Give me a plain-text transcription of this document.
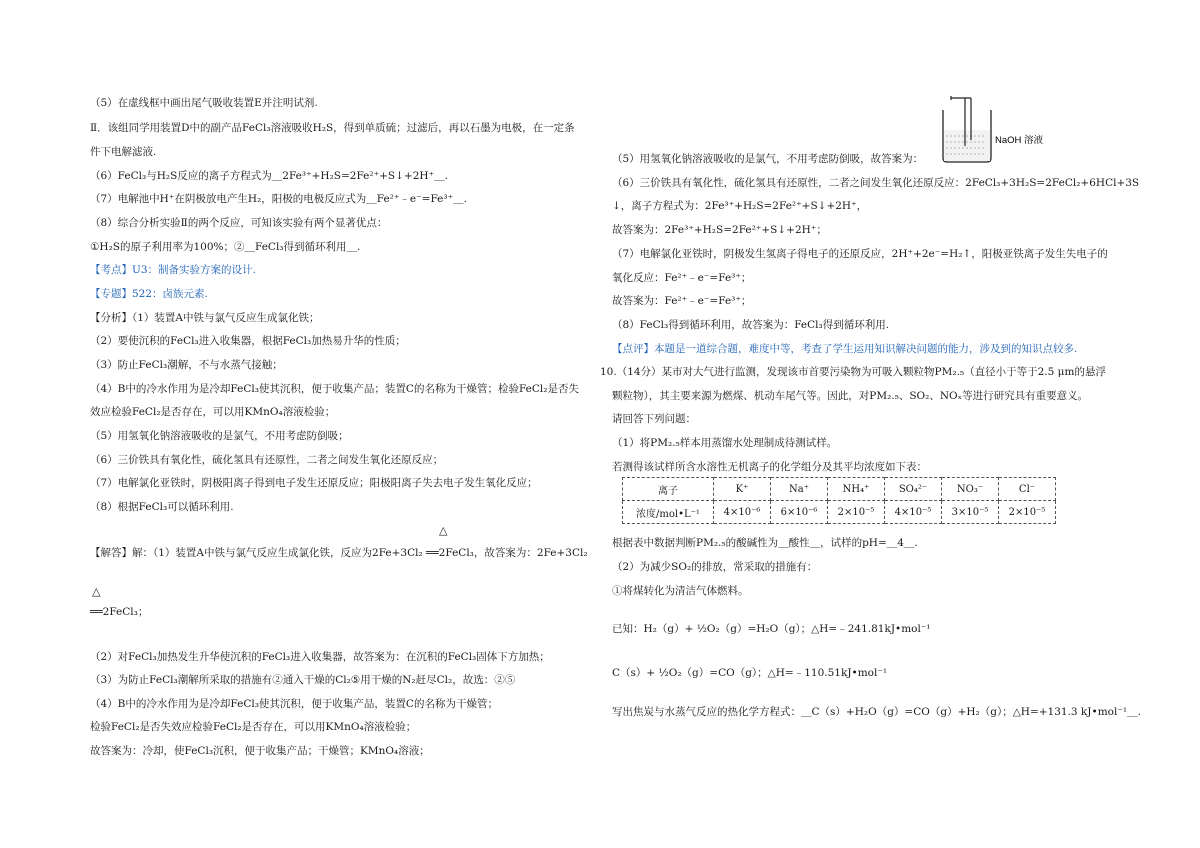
（5）在虚线框中画出尾气吸收装置E并注明试剂.
Ⅱ．该组同学用装置D中的副产品FeCl₃溶液吸收H₂S，得到单质硫；过滤后，再以石墨为电极，在一定条
件下电解滤液.
（6）FeCl₃与H₂S反应的离子方程式为＿2Fe³⁺+H₂S=2Fe²⁺+S↓+2H⁺＿.
（7）电解池中H⁺在阴极放电产生H₂，阳极的电极反应式为＿Fe²⁺﹣e⁻=Fe³⁺＿.
（8）综合分析实验Ⅱ的两个反应，可知该实验有两个显著优点：
①H₂S的原子利用率为100%；②＿FeCl₃得到循环利用＿.
【考点】U3：制备实验方案的设计.
【专题】522：卤族元素.
【分析】（1）装置A中铁与氯气反应生成氯化铁；
（2）要使沉积的FeCl₃进入收集器，根据FeCl₃加热易升华的性质；
（3）防止FeCl₃潮解，不与水蒸气接触；
（4）B中的冷水作用为是冷却FeCl₃使其沉积，便于收集产品；装置C的名称为干燥管；检验FeCl₂是否失
效应检验FeCl₂是否存在，可以用KMnO₄溶液检验；
（5）用氢氧化钠溶液吸收的是氯气，不用考虑防倒吸；
（6）三价铁具有氧化性，硫化氢具有还原性，二者之间发生氧化还原反应；
（7）电解氯化亚铁时，阴极阳离子得到电子发生还原反应；阳极阳离子失去电子发生氧化反应；
（8）根据FeCl₃可以循环利用.
△
【解答】解：（1）装置A中铁与氯气反应生成氯化铁，反应为2Fe+3Cl₂ ══2FeCl₃，故答案为：2Fe+3Cl₂
△
══2FeCl₃；
（2）对FeCl₃加热发生升华使沉积的FeCl₃进入收集器，故答案为：在沉积的FeCl₃固体下方加热；
（3）为防止FeCl₃潮解所采取的措施有②通入干燥的Cl₂⑤用干燥的N₂赶尽Cl₂，故选：②⑤
（4）B中的冷水作用为是冷却FeCl₃使其沉积，便于收集产品，装置C的名称为干燥管；
检验FeCl₂是否失效应检验FeCl₂是否存在，可以用KMnO₄溶液检验；
故答案为：冷却，使FeCl₃沉积，便于收集产品；干燥管；KMnO₄溶液；
NaOH 溶液
（5）用氢氧化钠溶液吸收的是氯气，不用考虑防倒吸，故答案为：
（6）三价铁具有氧化性，硫化氢具有还原性，二者之间发生氧化还原反应：2FeCl₃+3H₂S=2FeCl₂+6HCl+3S
↓，离子方程式为：2Fe³⁺+H₂S=2Fe²⁺+S↓+2H⁺，
故答案为：2Fe³⁺+H₂S=2Fe²⁺+S↓+2H⁺；
（7）电解氯化亚铁时，阴极发生氢离子得电子的还原反应，2H⁺+2e⁻=H₂↑，阳极亚铁离子发生失电子的
氧化反应：Fe²⁺﹣e⁻=Fe³⁺；
故答案为：Fe²⁺﹣e⁻=Fe³⁺；
（8）FeCl₃得到循环利用，故答案为：FeCl₃得到循环利用.
【点评】本题是一道综合题，难度中等，考查了学生运用知识解决问题的能力，涉及到的知识点较多.
10.（14分）某市对大气进行监测，发现该市首要污染物为可吸入颗粒物PM₂.₅（直径小于等于2.5 μm的悬浮
颗粒物），其主要来源为燃煤、机动车尾气等。因此，对PM₂.₅、SO₂、NOₓ等进行研究具有重要意义。
请回答下列问题：
（1）将PM₂.₅样本用蒸馏水处理制成待测试样。
若测得该试样所含水溶性无机离子的化学组分及其平均浓度如下表：
离子	K⁺	Na⁺	NH₄⁺	SO₄²⁻	NO₃⁻	Cl⁻
浓度/mol•L⁻¹	4×10⁻⁶	6×10⁻⁶	2×10⁻⁵	4×10⁻⁵	3×10⁻⁵	2×10⁻⁵
根据表中数据判断PM₂.₅的酸碱性为＿酸性＿，试样的pH=＿4＿.
（2）为减少SO₂的排放，常采取的措施有：
①将煤转化为清洁气体燃料。
已知：H₂（g）+ ½O₂（g）=H₂O（g）；△H=﹣241.81kJ•mol⁻¹
C（s）+ ½O₂（g）=CO（g）；△H=﹣110.51kJ•mol⁻¹
写出焦炭与水蒸气反应的热化学方程式：＿C（s）+H₂O（g）=CO（g）+H₂（g）；△H=+131.3 kJ•mol⁻¹＿.
